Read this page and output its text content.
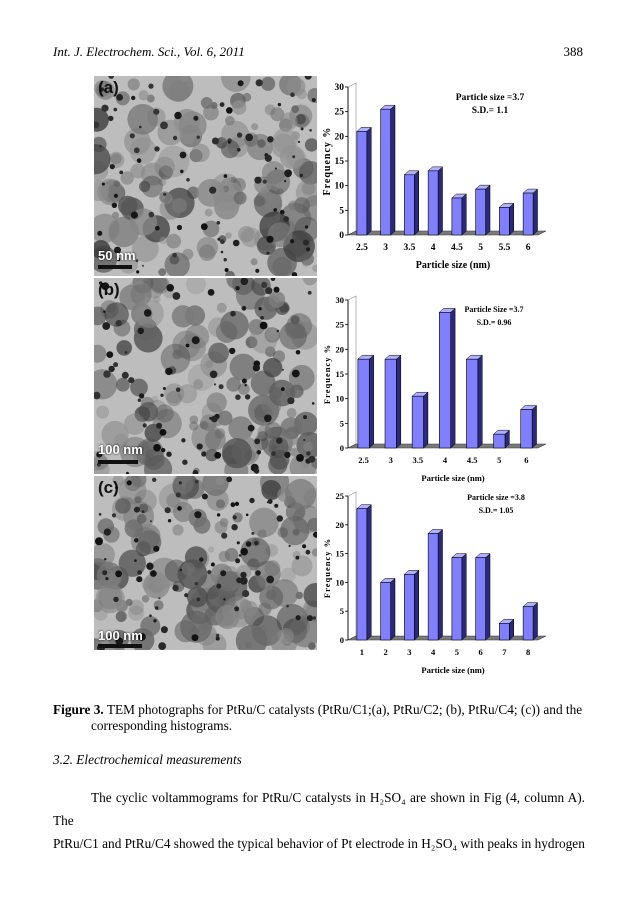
Int. J. Electrochem. Sci., Vol. 6, 2011	388
(a)
50 nm
(b)
100 nm
(c)
100 nm
0
5
10
15
20
25
30
2.5 3 3.5 4 4.5 5 5.5 6
Particle size (nm)
Frequency %
Particle size =3.7
S.D.= 1.1
0
5
10
15
20
25
30
2.5 3 3.5 4 4.5 5	6
Particle size (nm)
Frequency %
Particle Size =3.7
S.D.= 0.96
0
5
10
15
20
25
1 2 3 4 5 6 7 8
Particle size (nm)
Frequency %
Particle size =3.8
S.D.= 1.05
Figure 3. TEM photographs for PtRu/C catalysts (PtRu/C1;(a), PtRu/C2; (b), PtRu/C4; (c)) and the
corresponding histograms.
3.2. Electrochemical measurements

The cyclic voltammograms for PtRu/C catalysts in H₂SO₄ are shown in Fig (4, column A). The

PtRu/C1 and PtRu/C4 showed the typical behavior of Pt electrode in H₂SO₄ with peaks in hydrogen
